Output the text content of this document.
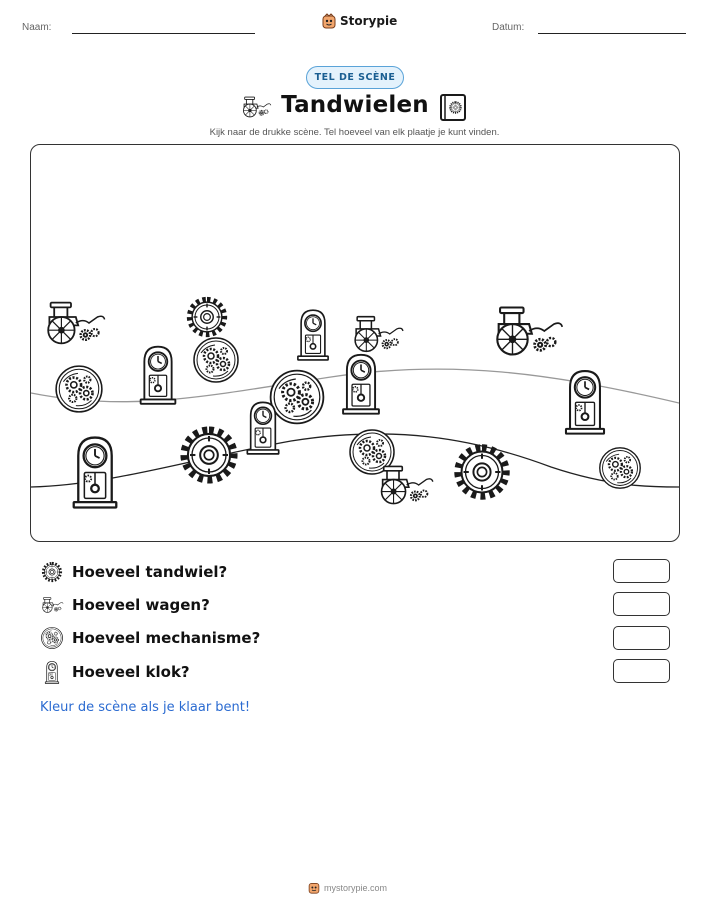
Naam:	Storypie	Datum:
TEL DE SCÈNE
Tandwielen
Kijk naar de drukke scène. Tel hoeveel van elk plaatje je kunt vinden.
Hoeveel tandwiel?
Hoeveel wagen?
Hoeveel mechanisme?
Hoeveel klok?
Kleur de scène als je klaar bent!
mystorypie.com
